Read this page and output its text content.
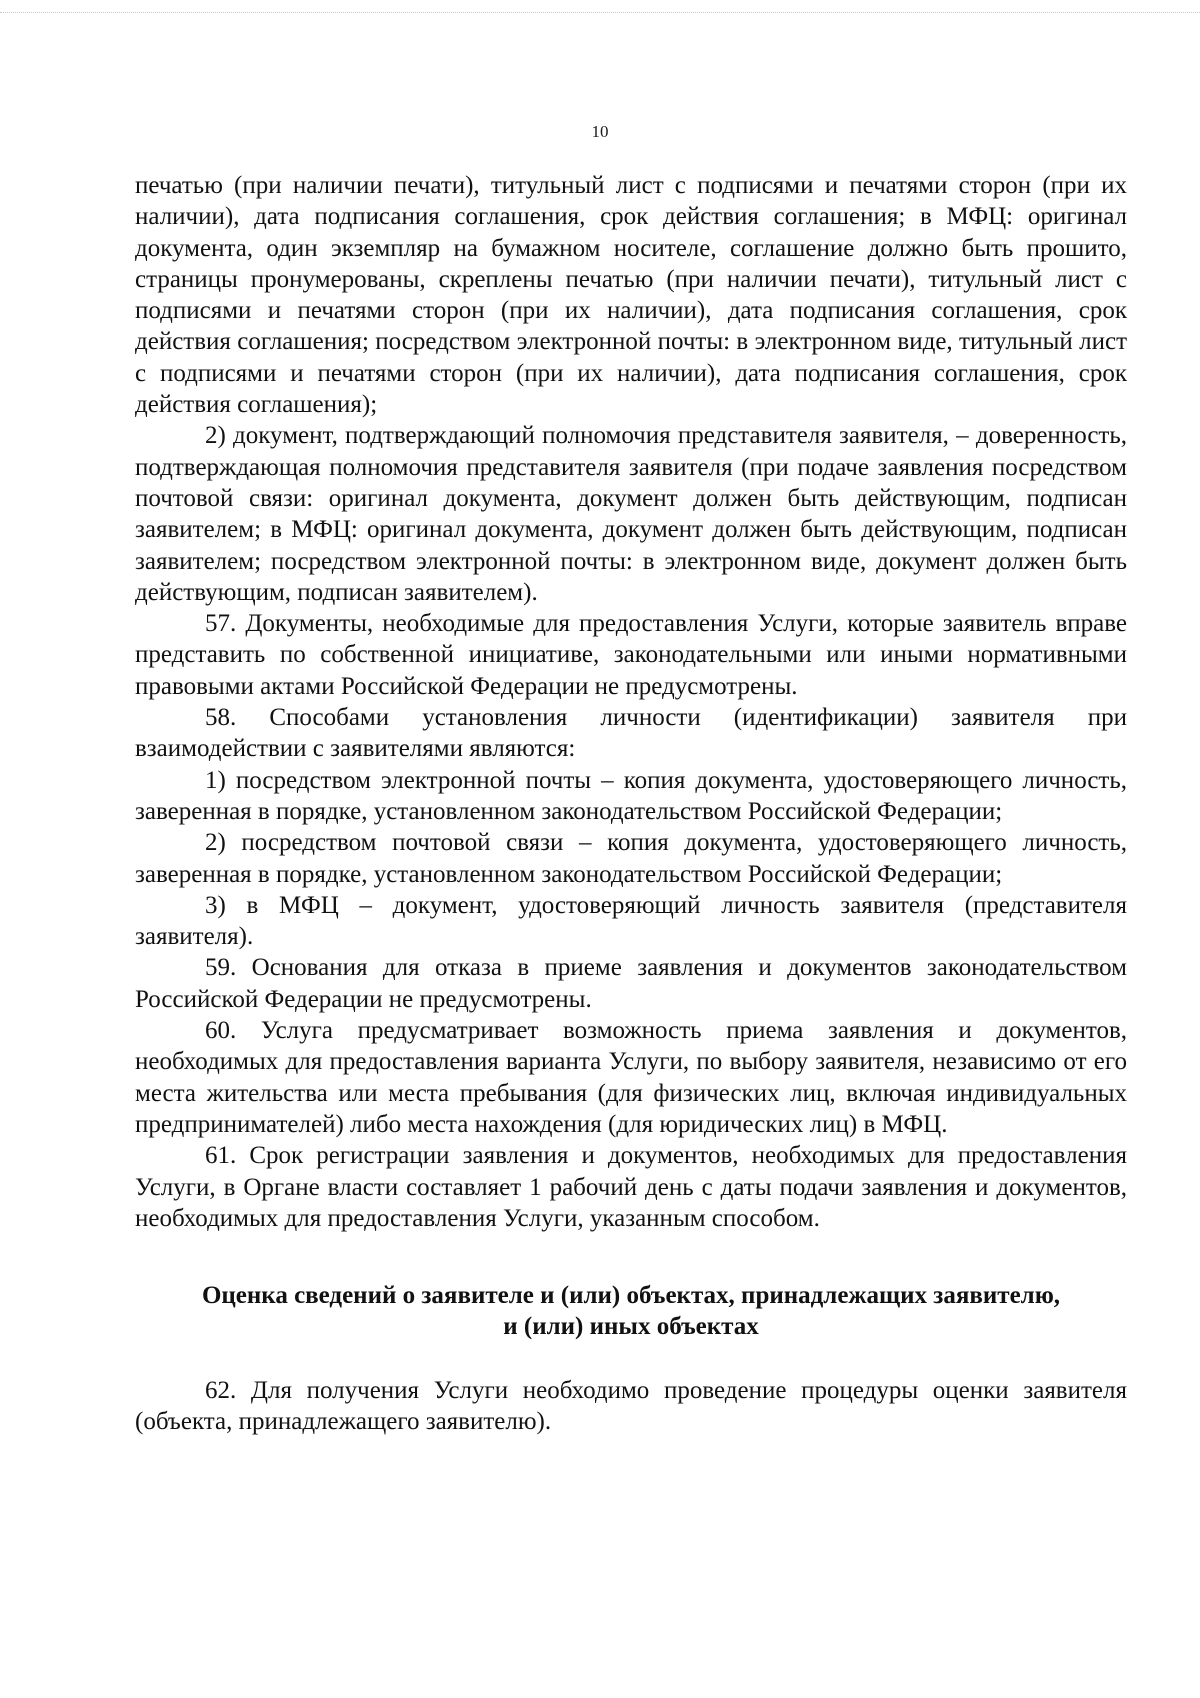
10

печатью (при наличии печати), титульный лист с подписями и печатями сторон (при их наличии), дата подписания соглашения, срок действия соглашения; в МФЦ: оригинал документа, один экземпляр на бумажном носителе, соглашение должно быть прошито, страницы пронумерованы, скреплены печатью (при наличии печати), титульный лист с подписями и печатями сторон (при их наличии), дата подписания соглашения, срок действия соглашения; посредством электронной почты: в электронном виде, титульный лист с подписями и печатями сторон (при их наличии), дата подписания соглашения, срок действия соглашения);

2) документ, подтверждающий полномочия представителя заявителя, – доверенность, подтверждающая полномочия представителя заявителя (при подаче заявления посредством почтовой связи: оригинал документа, документ должен быть действующим, подписан заявителем; в МФЦ: оригинал документа, документ должен быть действующим, подписан заявителем; посредством электронной почты: в электронном виде, документ должен быть действующим, подписан заявителем).

57. Документы, необходимые для предоставления Услуги, которые заявитель вправе представить по собственной инициативе, законодательными или иными нормативными правовыми актами Российской Федерации не предусмотрены.

58. Способами установления личности (идентификации) заявителя при взаимодействии с заявителями являются:

1) посредством электронной почты – копия документа, удостоверяющего личность, заверенная в порядке, установленном законодательством Российской Федерации;

2) посредством почтовой связи – копия документа, удостоверяющего личность, заверенная в порядке, установленном законодательством Российской Федерации;

3) в МФЦ – документ, удостоверяющий личность заявителя (представителя заявителя).

59. Основания для отказа в приеме заявления и документов законодательством Российской Федерации не предусмотрены.

60. Услуга предусматривает возможность приема заявления и документов, необходимых для предоставления варианта Услуги, по выбору заявителя, независимо от его места жительства или места пребывания (для физических лиц, включая индивидуальных предпринимателей) либо места нахождения (для юридических лиц) в МФЦ.

61. Срок регистрации заявления и документов, необходимых для предоставления Услуги, в Органе власти составляет 1 рабочий день с даты подачи заявления и документов, необходимых для предоставления Услуги, указанным способом.

Оценка сведений о заявителе и (или) объектах, принадлежащих заявителю,
и (или) иных объектах

62. Для получения Услуги необходимо проведение процедуры оценки заявителя (объекта, принадлежащего заявителю).
